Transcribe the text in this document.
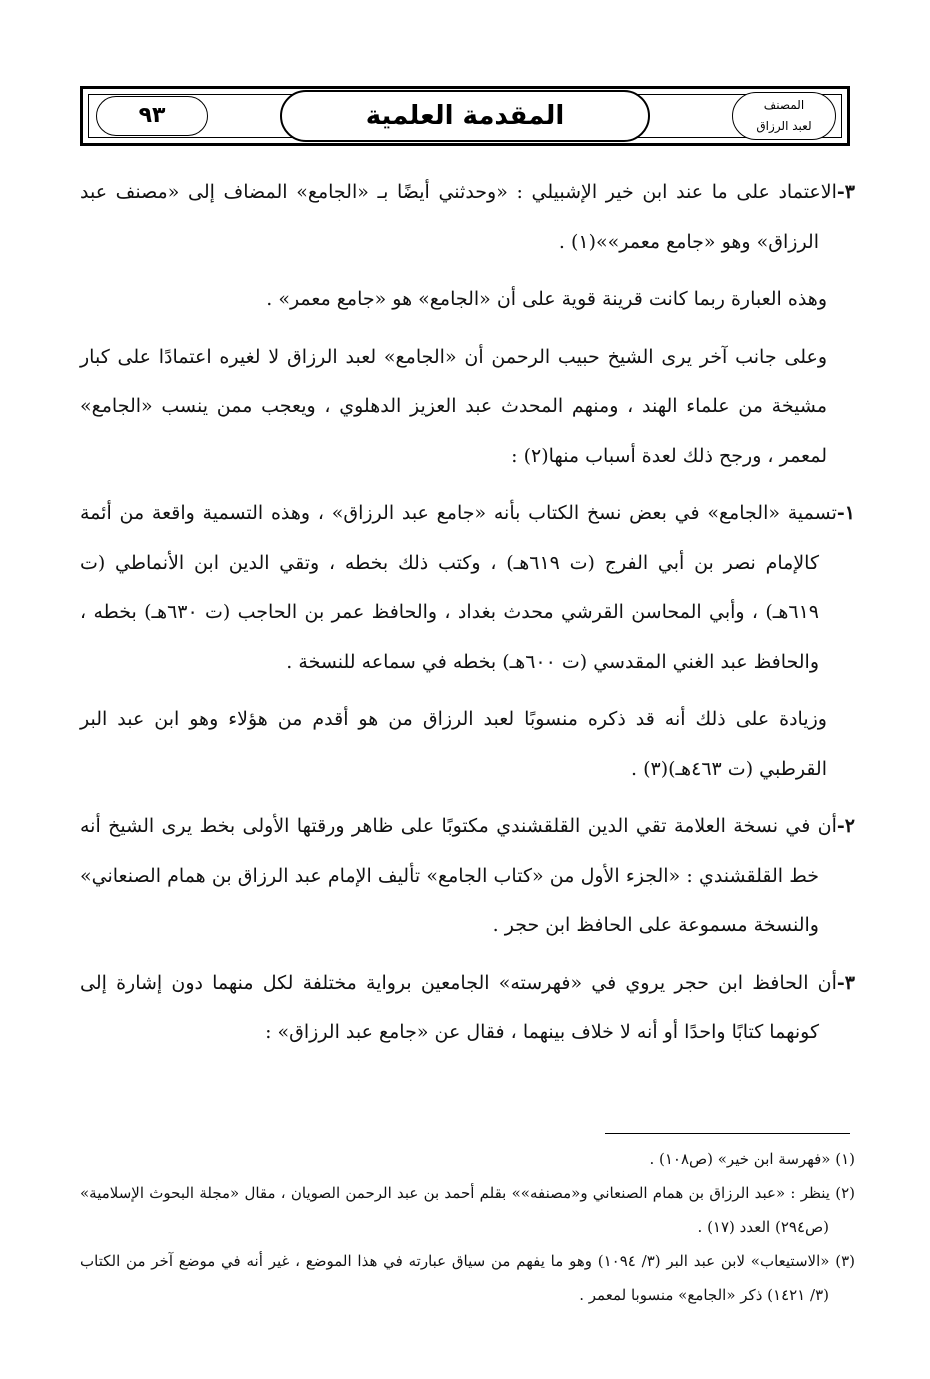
٩٣	المقدمة العلمية	المصنف
لعبد الرزاق

٣-الاعتماد على ما عند ابن خير الإشبيلي : «وحدثني أيضًا بـ «الجامع» المضاف إلى «مصنف عبد الرزاق» وهو «جامع معمر»»(١) .

وهذه العبارة ربما كانت قرينة قوية على أن «الجامع» هو «جامع معمر» .

وعلى جانب آخر يرى الشيخ حبيب الرحمن أن «الجامع» لعبد الرزاق لا لغيره اعتمادًا على كبار مشيخة من علماء الهند ، ومنهم المحدث عبد العزيز الدهلوي ، ويعجب ممن ينسب «الجامع» لمعمر ، ورجح ذلك لعدة أسباب منها(٢) :

١-تسمية «الجامع» في بعض نسخ الكتاب بأنه «جامع عبد الرزاق» ، وهذه التسمية واقعة من أئمة كالإمام نصر بن أبي الفرج (ت ٦١٩هـ) ، وكتب ذلك بخطه ، وتقي الدين ابن الأنماطي (ت ٦١٩هـ) ، وأبي المحاسن القرشي محدث بغداد ، والحافظ عمر بن الحاجب (ت ٦٣٠هـ) بخطه ، والحافظ عبد الغني المقدسي (ت ٦٠٠هـ) بخطه في سماعه للنسخة .

وزيادة على ذلك أنه قد ذكره منسوبًا لعبد الرزاق من هو أقدم من هؤلاء وهو ابن عبد البر القرطبي (ت ٤٦٣هـ)(٣) .

٢-أن في نسخة العلامة تقي الدين القلقشندي مكتوبًا على ظاهر ورقتها الأولى بخط يرى الشيخ أنه خط القلقشندي : «الجزء الأول من «كتاب الجامع» تأليف الإمام عبد الرزاق بن همام الصنعاني» والنسخة مسموعة على الحافظ ابن حجر .

٣-أن الحافظ ابن حجر يروي في «فهرسته» الجامعين برواية مختلفة لكل منهما دون إشارة إلى كونهما كتابًا واحدًا أو أنه لا خلاف بينهما ، فقال عن «جامع عبد الرزاق» :

(١) «فهرسة ابن خير» (ص١٠٨) .

(٢) ينظر : «عبد الرزاق بن همام الصنعاني و«مصنفه»» بقلم أحمد بن عبد الرحمن الصويان ، مقال «مجلة البحوث الإسلامية» (ص٢٩٤) العدد (١٧) .

(٣) «الاستيعاب» لابن عبد البر (٣/ ١٠٩٤) وهو ما يفهم من سياق عبارته في هذا الموضع ، غير أنه في موضع آخر من الكتاب (٣/ ١٤٢١) ذكر «الجامع» منسوبا لمعمر .
